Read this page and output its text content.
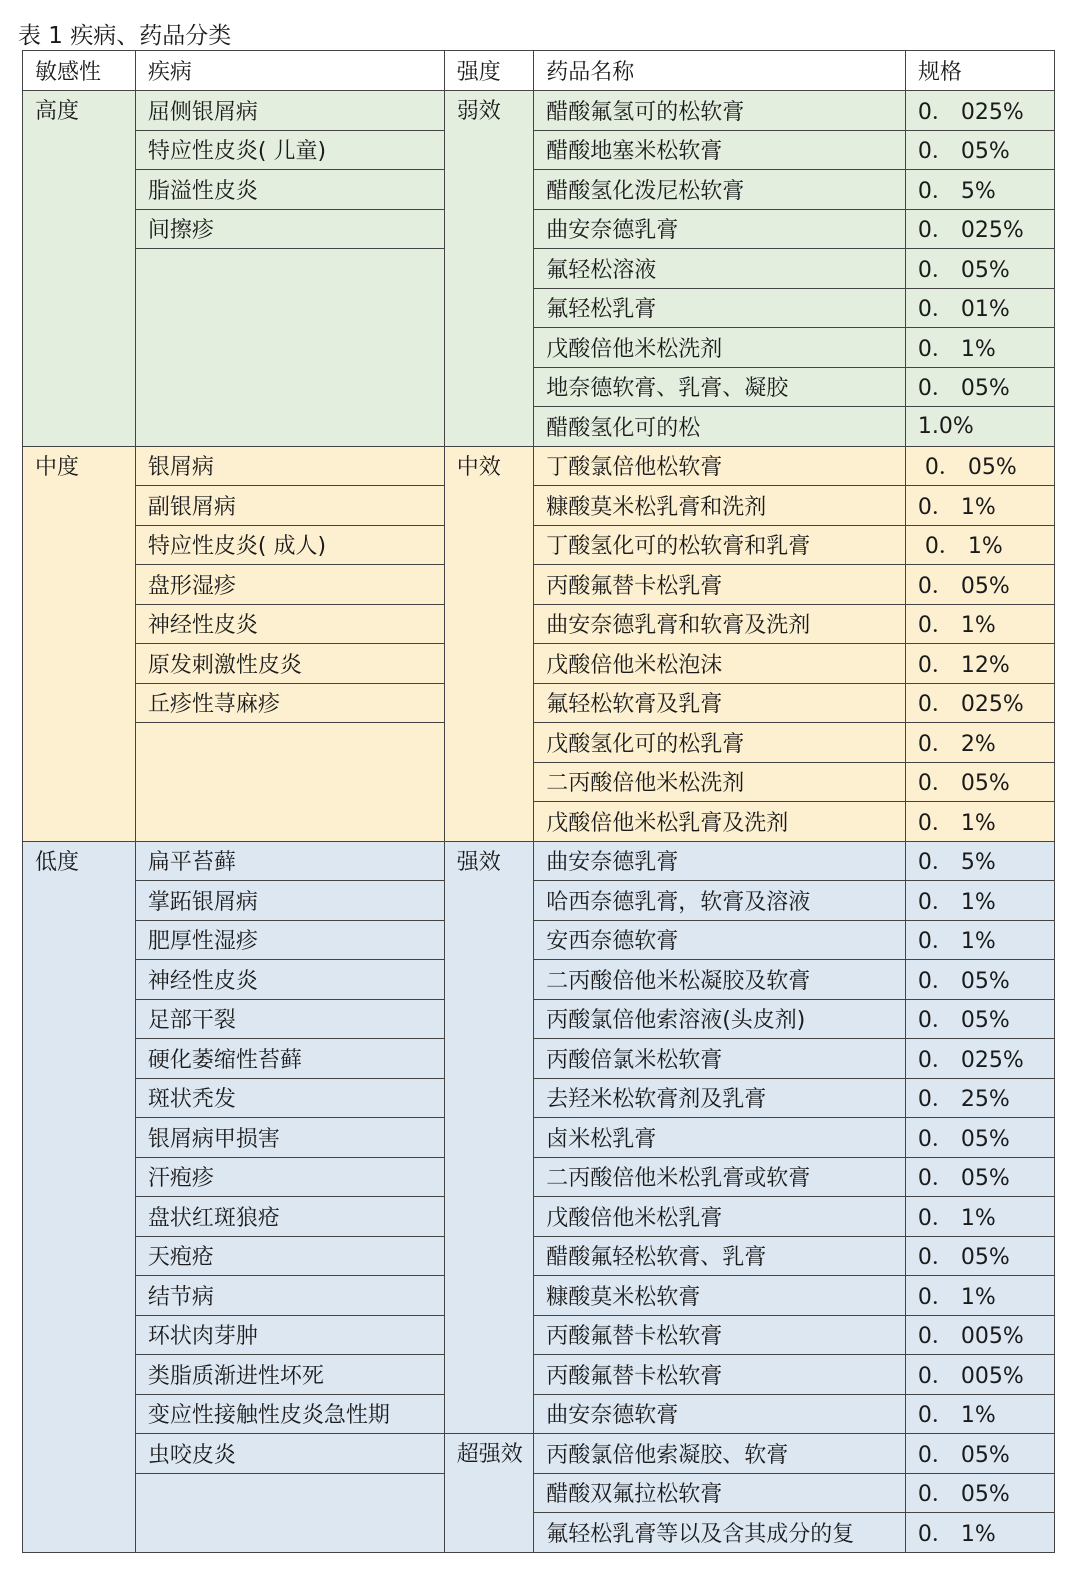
表 1 疾病、药品分类
敏感性	疾病	强度	药品名称	规格
高度	屈侧银屑病	弱效	醋酸氟氢可的松软膏	0． 025%
	特应性皮炎( 儿童)		醋酸地塞米松软膏	0． 05%
	脂溢性皮炎		醋酸氢化泼尼松软膏	0． 5%
	间擦疹		曲安奈德乳膏	0． 025%
			氟轻松溶液	0． 05%
			氟轻松乳膏	0． 01%
			戊酸倍他米松洗剂	0． 1%
			地奈德软膏、乳膏、凝胶	0． 05%
			醋酸氢化可的松	1.0%
中度	银屑病	中效	丁酸氯倍他松软膏	0． 05%
	副银屑病		糠酸莫米松乳膏和洗剂	0． 1%
	特应性皮炎( 成人)		丁酸氢化可的松软膏和乳膏	0． 1%
	盘形湿疹		丙酸氟替卡松乳膏	0． 05%
	神经性皮炎		曲安奈德乳膏和软膏及洗剂	0． 1%
	原发刺激性皮炎		戊酸倍他米松泡沫	0． 12%
	丘疹性荨麻疹		氟轻松软膏及乳膏	0． 025%
			戊酸氢化可的松乳膏	0． 2%
			二丙酸倍他米松洗剂	0． 05%
			戊酸倍他米松乳膏及洗剂	0． 1%
低度	扁平苔藓	强效	曲安奈德乳膏	0． 5%
	掌跖银屑病		哈西奈德乳膏，软膏及溶液	0． 1%
	肥厚性湿疹		安西奈德软膏	0． 1%
	神经性皮炎		二丙酸倍他米松凝胶及软膏	0． 05%
	足部干裂		丙酸氯倍他索溶液(头皮剂)	0． 05%
	硬化萎缩性苔藓		丙酸倍氯米松软膏	0． 025%
	斑状秃发		去羟米松软膏剂及乳膏	0． 25%
	银屑病甲损害		卤米松乳膏	0． 05%
	汗疱疹		二丙酸倍他米松乳膏或软膏	0． 05%
	盘状红斑狼疮		戊酸倍他米松乳膏	0． 1%
	天疱疮		醋酸氟轻松软膏、乳膏	0． 05%
	结节病		糠酸莫米松软膏	0． 1%
	环状肉芽肿		丙酸氟替卡松软膏	0． 005%
	类脂质渐进性坏死		丙酸氟替卡松软膏	0． 005%
	变应性接触性皮炎急性期		曲安奈德软膏	0． 1%
	虫咬皮炎	超强效	丙酸氯倍他索凝胶、软膏	0． 05%
			醋酸双氟拉松软膏	0． 05%
			氟轻松乳膏等以及含其成分的复	0． 1%
